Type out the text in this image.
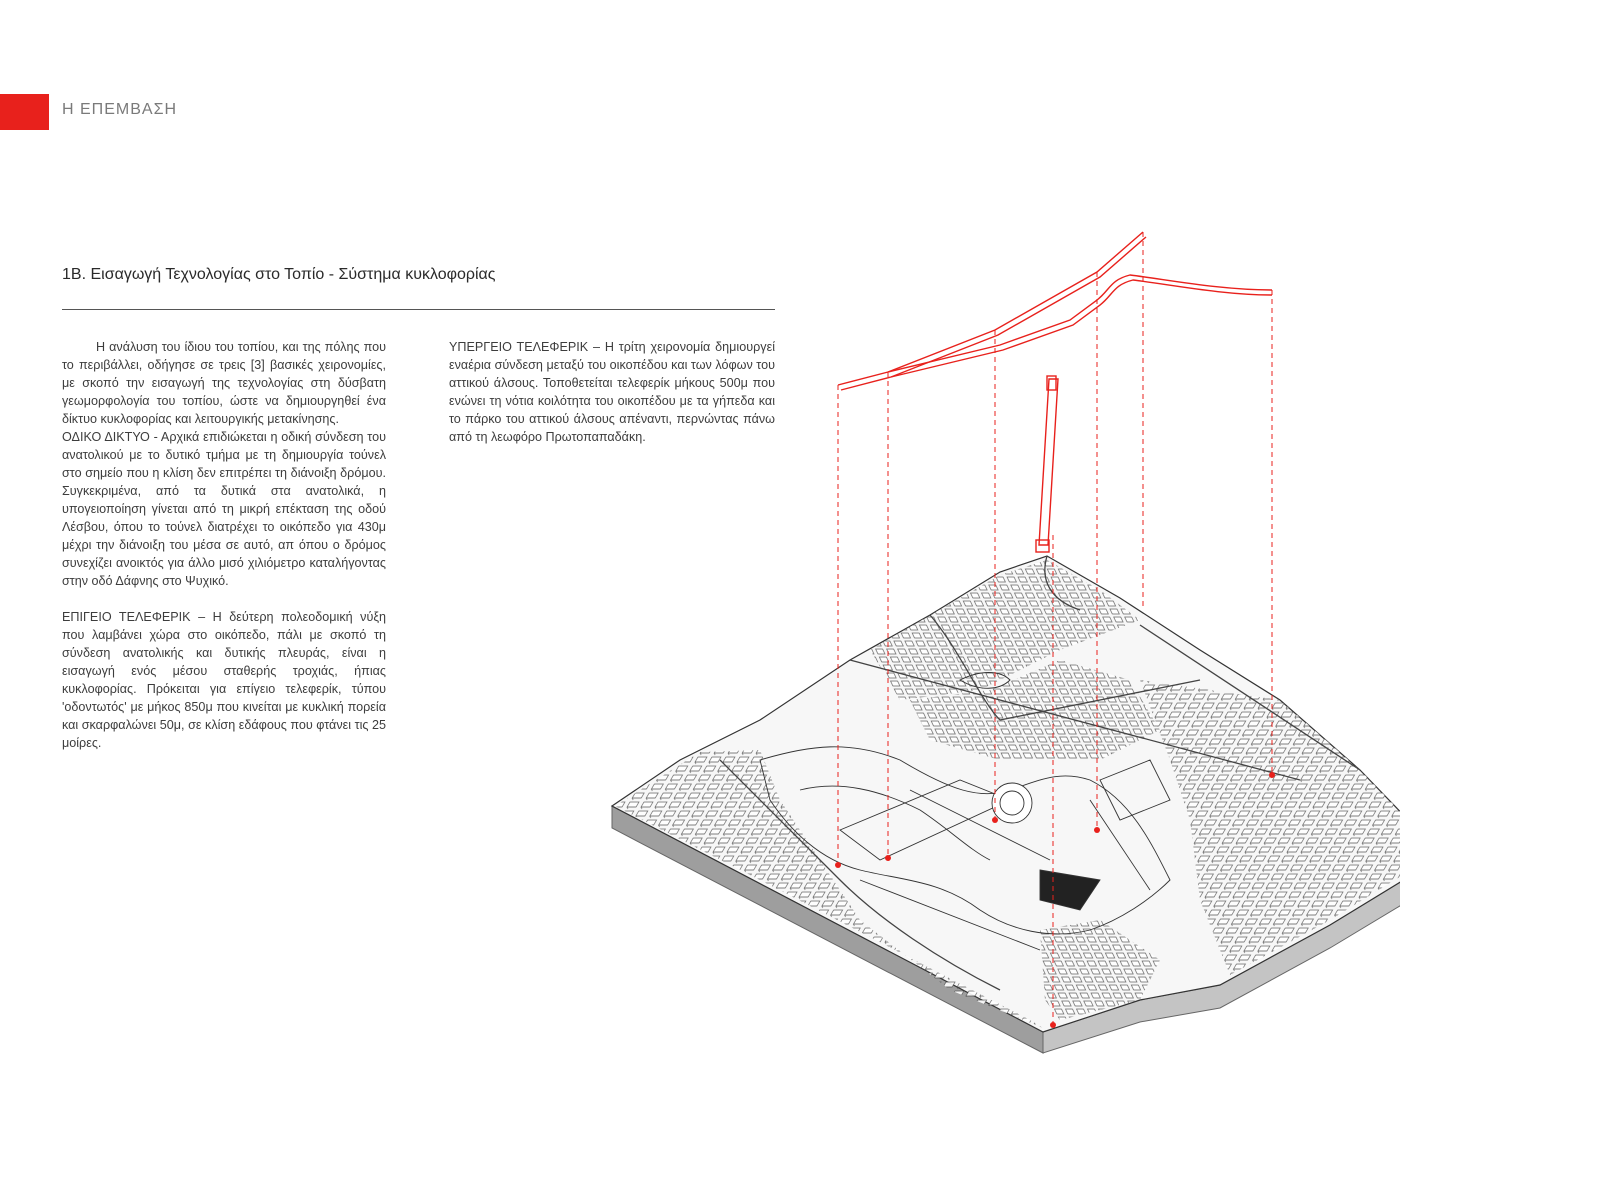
Η ΕΠΕΜΒΑΣΗ
1Β. Εισαγωγή Τεχνολογίας στο Τοπίο - Σύστημα κυκλοφορίας

Η ανάλυση του ίδιου του τοπίου, και της πόλης που το περιβάλλει, οδήγησε σε τρεις [3] βασικές χειρονομίες, με σκοπό την εισαγωγή της τεχνολογίας στη δύσβατη γεωμορφολογία του τοπίου, ώστε να δημιουργηθεί ένα δίκτυο κυκλοφορίας και λειτουργικής μετακίνησης.

ΟΔΙΚΟ ΔΙΚΤΥΟ - Αρχικά επιδιώκεται η οδική σύνδεση του ανατολικού με το δυτικό τμήμα με τη δημιουργία τούνελ στο σημείο που η κλίση δεν επιτρέπει τη διάνοιξη δρόμου. Συγκεκριμένα, από τα δυτικά στα ανατολικά, η υπογειοποίηση γίνεται από τη μικρή επέκταση της οδού Λέσβου, όπου το τούνελ διατρέχει το οικόπεδο για 430μ μέχρι την διάνοιξη του μέσα σε αυτό, απ όπου ο δρόμος συνεχίζει ανοικτός για άλλο μισό χιλιόμετρο καταλήγοντας στην οδό Δάφνης στο Ψυχικό.

ΕΠΙΓΕΙΟ ΤΕΛΕΦΕΡΙΚ – Η δεύτερη πολεοδομική νύξη που λαμβάνει χώρα στο οικόπεδο, πάλι με σκοπό τη σύνδεση ανατολικής και δυτικής πλευράς, είναι η εισαγωγή ενός μέσου σταθερής τροχιάς, ήπιας κυκλοφορίας. Πρόκειται για επίγειο τελεφερίκ, τύπου 'οδοντωτός' με μήκος 850μ που κινείται με κυκλική πορεία και σκαρφαλώνει 50μ, σε κλίση εδάφους που φτάνει τις 25 μοίρες.

ΥΠΕΡΓΕΙΟ ΤΕΛΕΦΕΡΙΚ – Η τρίτη χειρονομία δημιουργεί εναέρια σύνδεση μεταξύ του οικοπέδου και των λόφων του αττικού άλσους. Τοποθετείται τελεφερίκ μήκους 500μ που ενώνει τη νότια κοιλότητα του οικοπέδου με τα γήπεδα και το πάρκο του αττικού άλσους απέναντι, περνώντας πάνω από τη λεωφόρο Πρωτοπαπαδάκη.
